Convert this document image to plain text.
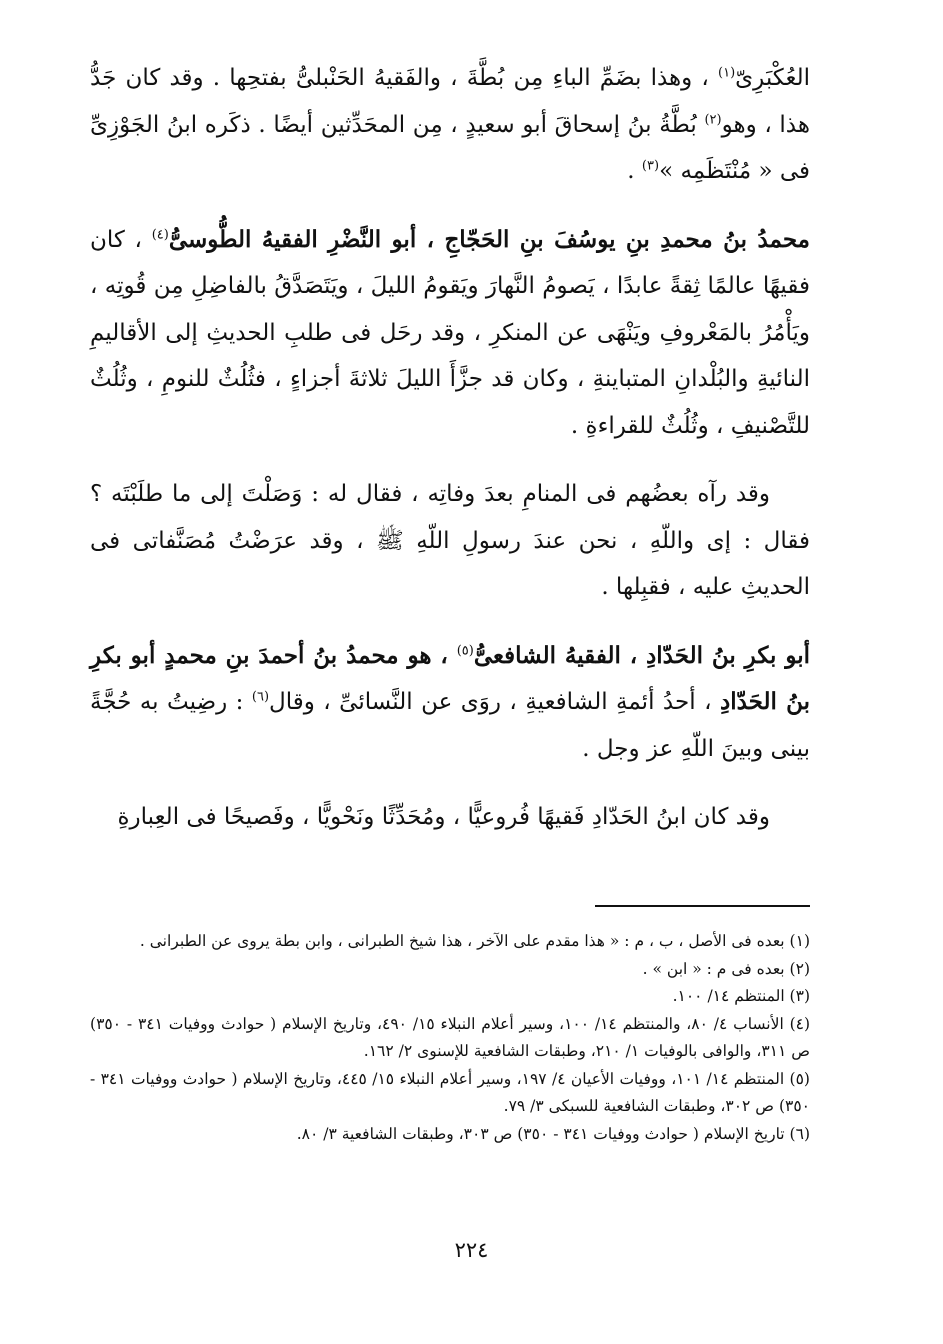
العُكْبَرِىّ$^{(١)}$ ، وهذا بضَمِّ الباءِ مِن بُطَّةَ ، والفَقيهُ الحَنْبلىُّ بفتحِها . وقد كان جَدُّ هذا ، وهو$^{(٢)}$ بُطَّةُ بنُ إسحاقَ أبو سعيدٍ ، مِن المحَدِّثين أيضًا . ذكَره ابنُ الجَوْزِىِّ فى « مُنْتَظَمِه »$^{(٣)}$ .

محمدُ بنُ محمدِ بنِ يوسُفَ بنِ الحَجّاجِ ، أبو النَّضْرِ الفقيهُ الطُّوسىُّ$^{(٤)}$ ، كان فقيهًا عالمًا ثِقةً عابدًا ، يَصومُ النَّهارَ ويَقومُ الليلَ ، ويَتَصَدَّقُ بالفاضِلِ مِن قُوتِه ، ويَأْمُرُ بالمَعْروفِ ويَنْهَى عن المنكرِ ، وقد رحَل فى طلبِ الحديثِ إلى الأقاليمِ النائيةِ والبُلْدانِ المتباينةِ ، وكان قد جزَّأَ الليلَ ثلاثةَ أجزاءٍ ، فثُلُثٌ للنومِ ، وثُلُثٌ للتَّصْنيفِ ، وثُلُثٌ للقراءةِ .

وقد رآه بعضُهم فى المنامِ بعدَ وفاتِه ، فقال له : وَصَلْتَ إلى ما طلَبْتَه ؟ فقال : إى واللّهِ ، نحن عندَ رسولِ اللّهِ ﷺ ، وقد عرَضْتُ مُصَنَّفاتى فى الحديثِ عليه ، فقبِلها .

أبو بكرِ بنُ الحَدّادِ ، الفقيهُ الشافعىُّ$^{(٥)}$ ، هو محمدُ بنُ أحمدَ بنِ محمدٍ أبو بكرِ بنُ الحَدّادِ ، أحدُ أئمةِ الشافعيةِ ، روَى عن النَّسائىِّ ، وقال$^{(٦)}$ : رضِيتُ به حُجَّةً بينى وبينَ اللّهِ عز وجل .

وقد كان ابنُ الحَدّادِ فَقيهًا فُروعيًّا ، ومُحَدِّثًا ونَحْويًّا ، وفَصيحًا فى العِبارةِ

(١) بعده فى الأصل ، ب ، م : « هذا مقدم على الآخر ، هذا شيخ الطبرانى ، وابن بطة يروى عن الطبرانى .

(٢) بعده فى م : « ابن » .

(٣) المنتظم ١٤/ ١٠٠.

(٤) الأنساب ٤/ ٨٠، والمنتظم ١٤/ ١٠٠، وسير أعلام النبلاء ١٥/ ٤٩٠، وتاريخ الإسلام ( حوادث ووفيات ٣٤١ - ٣٥٠) ص ٣١١، والوافى بالوفيات ١/ ٢١٠، وطبقات الشافعية للإسنوى ٢/ ١٦٢.

(٥) المنتظم ١٤/ ١٠١، ووفيات الأعيان ٤/ ١٩٧، وسير أعلام النبلاء ١٥/ ٤٤٥، وتاريخ الإسلام ( حوادث ووفيات ٣٤١ - ٣٥٠) ص ٣٠٢، وطبقات الشافعية للسبكى ٣/ ٧٩.

(٦) تاريخ الإسلام ( حوادث ووفيات ٣٤١ - ٣٥٠) ص ٣٠٣، وطبقات الشافعية ٣/ ٨٠.

٢٢٤
